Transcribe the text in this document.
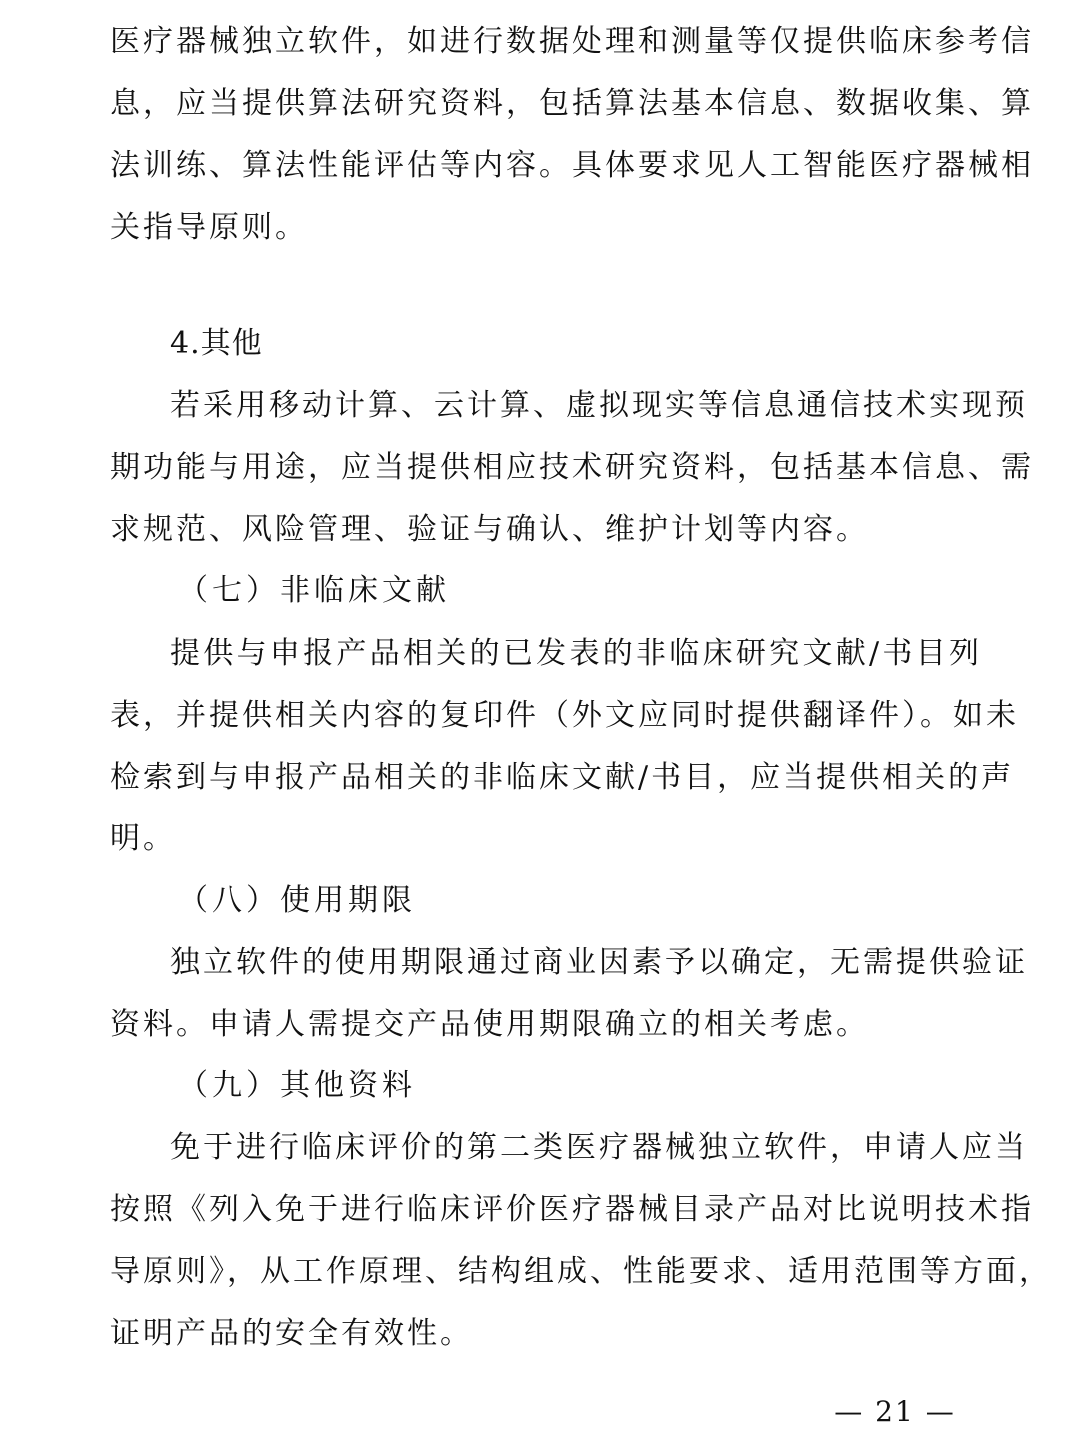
医疗器械独立软件，如进行数据处理和测量等仅提供临床参考信
息，应当提供算法研究资料，包括算法基本信息、数据收集、算
法训练、算法性能评估等内容。具体要求见人工智能医疗器械相
关指导原则。
4.其他
若采用移动计算、云计算、虚拟现实等信息通信技术实现预
期功能与用途，应当提供相应技术研究资料，包括基本信息、需
求规范、风险管理、验证与确认、维护计划等内容。
（七）非临床文献
提供与申报产品相关的已发表的非临床研究文献/书目列
表，并提供相关内容的复印件（外文应同时提供翻译件）。如未
检索到与申报产品相关的非临床文献/书目，应当提供相关的声
明。
（八）使用期限
独立软件的使用期限通过商业因素予以确定，无需提供验证
资料。申请人需提交产品使用期限确立的相关考虑。
（九）其他资料
免于进行临床评价的第二类医疗器械独立软件，申请人应当
按照《列入免于进行临床评价医疗器械目录产品对比说明技术指
导原则》，从工作原理、结构组成、性能要求、适用范围等方面，
证明产品的安全有效性。
— 21 —
